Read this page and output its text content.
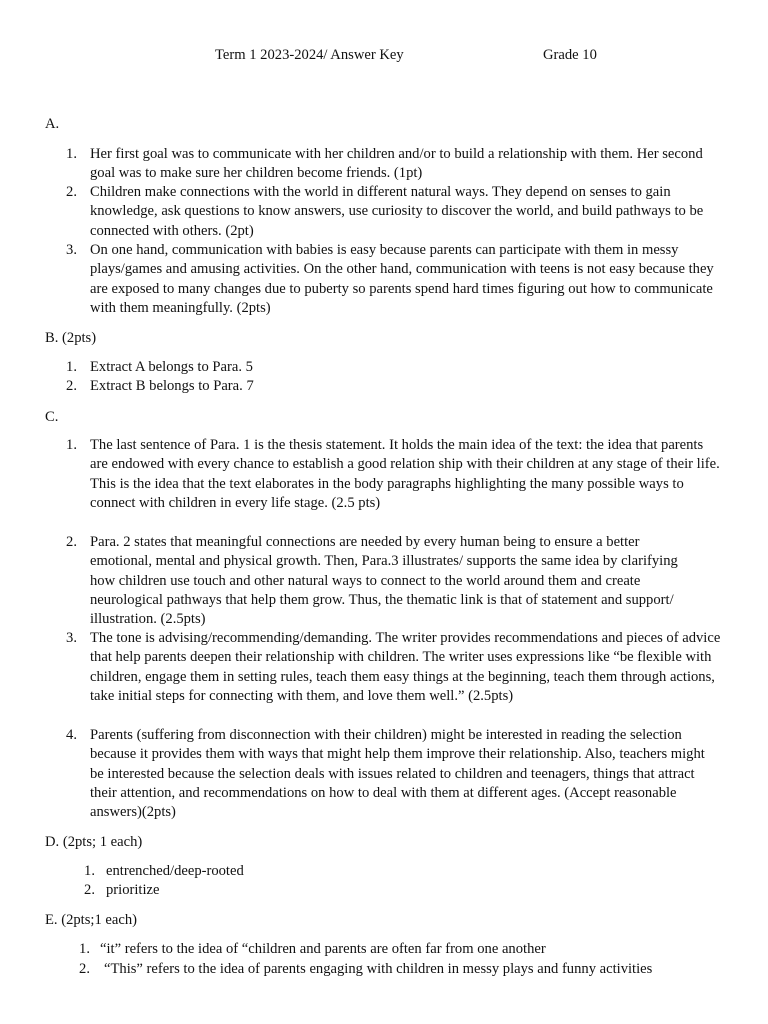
Term 1 2023-2024/ Answer Key	Grade 10
A.
1. Her first goal was to communicate with her children and/or to build a relationship with them. Her second goal was to make sure her children become friends. (1pt)
2. Children make connections with the world in different natural ways. They depend on senses to gain knowledge, ask questions to know answers, use curiosity to discover the world, and build pathways to be connected with others. (2pt)
3. On one hand, communication with babies is easy because parents can participate with them in messy plays/games and amusing activities. On the other hand, communication with teens is not easy because they are exposed to many changes due to puberty so parents spend hard times figuring out how to communicate with them meaningfully. (2pts)
B. (2pts)
1. Extract A belongs to Para. 5
2. Extract B belongs to Para. 7
C.
1. The last sentence of Para. 1 is the thesis statement. It holds the main idea of the text: the idea that parents are endowed with every chance to establish a good relation ship with their children at any stage of their life. This is the idea that the text elaborates in the body paragraphs highlighting the many possible ways to connect with children in every life stage. (2.5 pts)
2. Para. 2 states that meaningful connections are needed by every human being to ensure a better emotional, mental and physical growth. Then, Para.3 illustrates/ supports the same idea by clarifying how children use touch and other natural ways to connect to the world around them and create neurological pathways that help them grow. Thus, the thematic link is that of statement and support/ illustration. (2.5pts)
3. The tone is advising/recommending/demanding. The writer provides recommendations and pieces of advice that help parents deepen their relationship with children. The writer uses expressions like “be flexible with children, engage them in setting rules, teach them easy things at the beginning, teach them through actions, take initial steps for connecting with them, and love them well.” (2.5pts)
4. Parents (suffering from disconnection with their children) might be interested in reading the selection because it provides them with ways that might help them improve their relationship. Also, teachers might be interested because the selection deals with issues related to children and teenagers, things that attract their attention, and recommendations on how to deal with them at different ages. (Accept reasonable answers)(2pts)
D. (2pts; 1 each)
1. entrenched/deep-rooted
2. prioritize
E. (2pts;1 each)
1. “it” refers to the idea of “children and parents are often far from one another
2. “This” refers to the idea of parents engaging with children in messy plays and funny activities
